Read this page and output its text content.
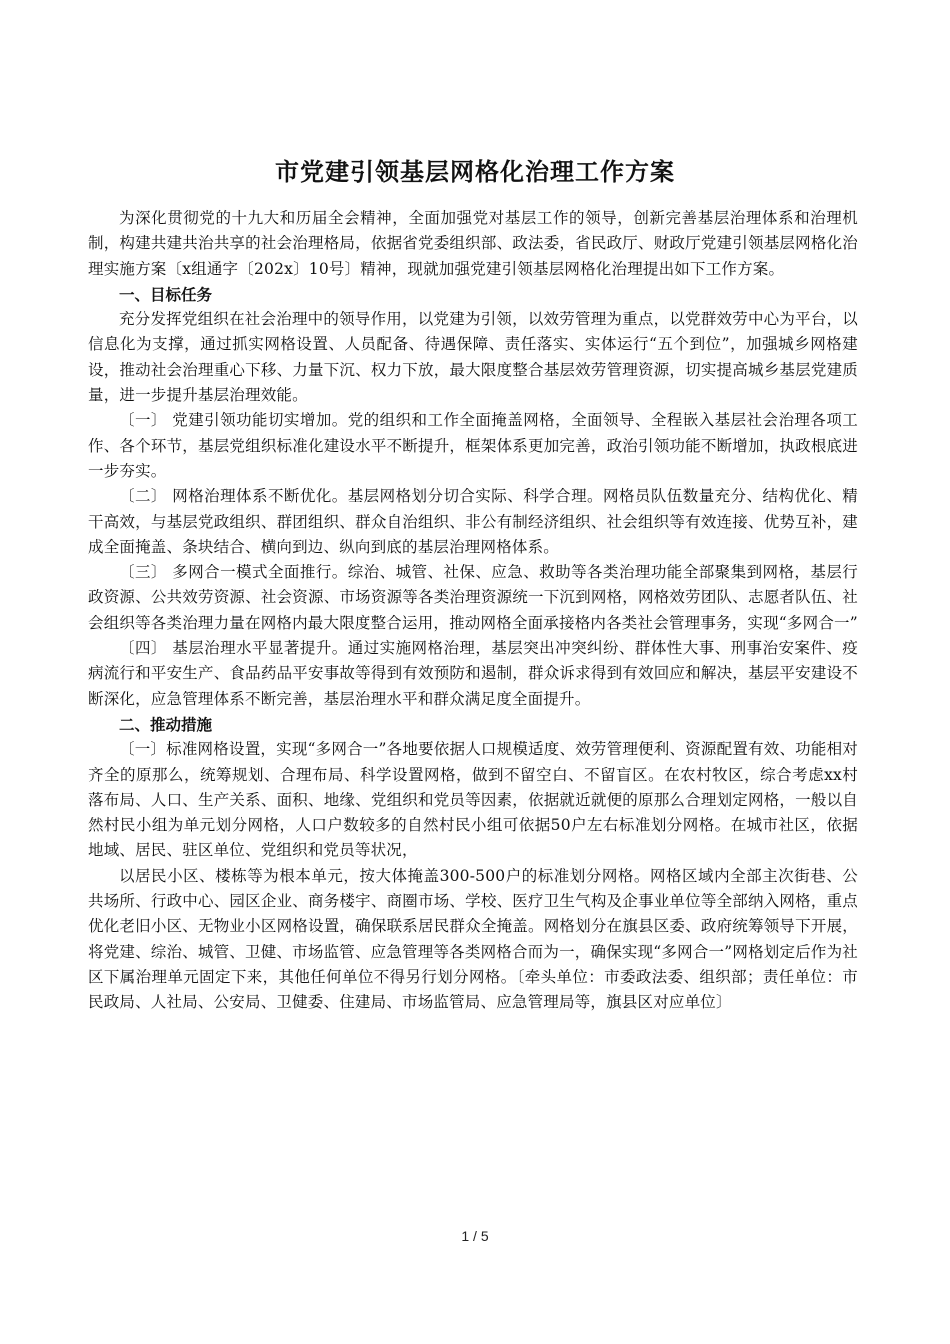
市党建引领基层网格化治理工作方案

为深化贯彻党的十九大和历届全会精神，全面加强党对基层工作的领导，创新完善基层治理体系和治理机制，构建共建共治共享的社会治理格局，依据省党委组织部、政法委，省民政厅、财政厅党建引领基层网格化治理实施方案〔x组通字〔202x〕10号〕精神，现就加强党建引领基层网格化治理提出如下工作方案。

一、目标任务

充分发挥党组织在社会治理中的领导作用，以党建为引领，以效劳管理为重点，以党群效劳中心为平台，以信息化为支撑，通过抓实网格设置、人员配备、待遇保障、责任落实、实体运行“五个到位”，加强城乡网格建设，推动社会治理重心下移、力量下沉、权力下放，最大限度整合基层效劳管理资源，切实提高城乡基层党建质量，进一步提升基层治理效能。

〔一〕 党建引领功能切实增加。党的组织和工作全面掩盖网格，全面领导、全程嵌入基层社会治理各项工作、各个环节，基层党组织标准化建设水平不断提升，框架体系更加完善，政治引领功能不断增加，执政根底进一步夯实。

〔二〕 网格治理体系不断优化。基层网格划分切合实际、科学合理。网格员队伍数量充分、结构优化、精干高效，与基层党政组织、群团组织、群众自治组织、非公有制经济组织、社会组织等有效连接、优势互补，建成全面掩盖、条块结合、横向到边、纵向到底的基层治理网格体系。

〔三〕 多网合一模式全面推行。综治、城管、社保、应急、救助等各类治理功能全部聚集到网格，基层行政资源、公共效劳资源、社会资源、市场资源等各类治理资源统一下沉到网格，网格效劳团队、志愿者队伍、社会组织等各类治理力量在网格内最大限度整合运用，推动网格全面承接格内各类社会管理事务，实现“多网合一”

〔四〕 基层治理水平显著提升。通过实施网格治理，基层突出冲突纠纷、群体性大事、刑事治安案件、疫病流行和平安生产、食品药品平安事故等得到有效预防和遏制，群众诉求得到有效回应和解决，基层平安建设不断深化，应急管理体系不断完善，基层治理水平和群众满足度全面提升。

二、推动措施

〔一〕标准网格设置，实现“多网合一”各地要依据人口规模适度、效劳管理便利、资源配置有效、功能相对齐全的原那么，统筹规划、合理布局、科学设置网格，做到不留空白、不留盲区。在农村牧区，综合考虑xx村落布局、人口、生产关系、面积、地缘、党组织和党员等因素，依据就近就便的原那么合理划定网格，一般以自然村民小组为单元划分网格，人口户数较多的自然村民小组可依据50户左右标准划分网格。在城市社区，依据地域、居民、驻区单位、党组织和党员等状况，

以居民小区、楼栋等为根本单元，按大体掩盖300-500户的标准划分网格。网格区域内全部主次街巷、公共场所、行政中心、园区企业、商务楼宇、商圈市场、学校、医疗卫生气构及企事业单位等全部纳入网格，重点优化老旧小区、无物业小区网格设置，确保联系居民群众全掩盖。网格划分在旗县区委、政府统筹领导下开展，将党建、综治、城管、卫健、市场监管、应急管理等各类网格合而为一，确保实现“多网合一”网格划定后作为社区下属治理单元固定下来，其他任何单位不得另行划分网格。〔牵头单位：市委政法委、组织部；责任单位：市民政局、人社局、公安局、卫健委、住建局、市场监管局、应急管理局等，旗县区对应单位〕

1 / 5
